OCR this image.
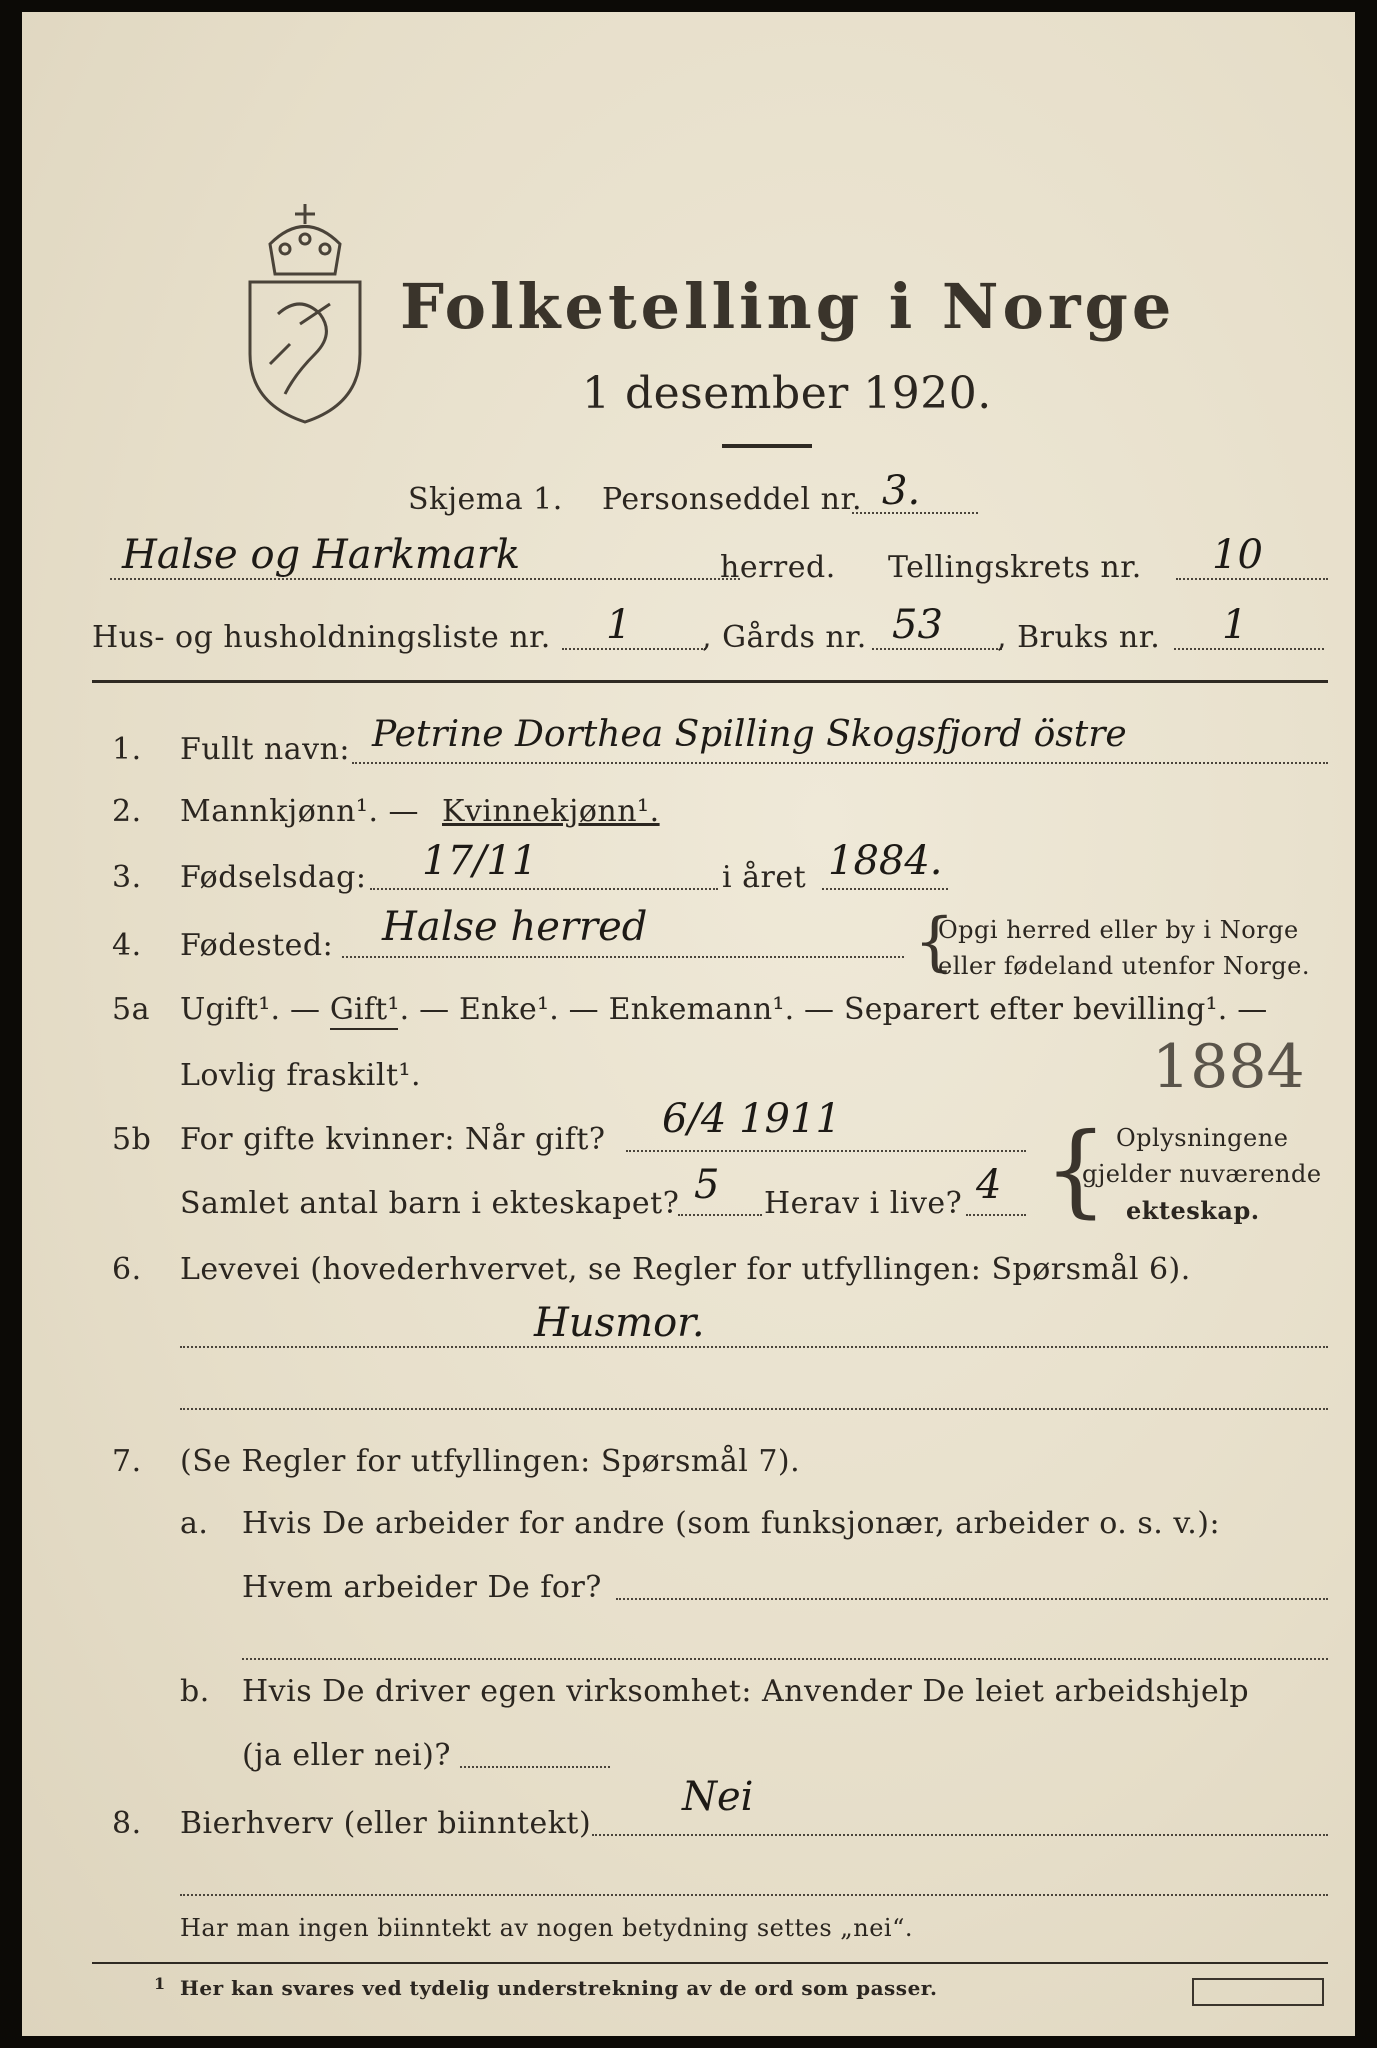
Folketelling i Norge
1 desember 1920.
Skjema 1. Personseddel nr. 3.
Halse og Harkmark	herred. Tellingskrets nr. 10
Hus- og husholdningsliste nr. 1 , Gårds nr. 53 , Bruks nr. 1
1. Fullt navn: Petrine Dorthea Spilling Skogsfjord östre
2. Mannkjønn¹. — Kvinnekjønn¹.
3. Fødselsdag: 17/11	i året 1884.
4. Fødested: Halse herred	{
Opgi herred eller by i Norge
eller fødeland utenfor Norge.
5a Ugift¹. — Gift¹. — Enke¹. — Enkemann¹. — Separert efter bevilling¹. —
Lovlig fraskilt¹.	1884
5b For gifte kvinner: Når gift? 6/4 1911
Samlet antal barn i ekteskapet? 5 Herav i live? 4 { Oplysningene
gjelder nuværende
ekteskap.
6. Levevei (hovederhvervet, se Regler for utfyllingen: Spørsmål 6).
Husmor.
7. (Se Regler for utfyllingen: Spørsmål 7).
a. Hvis De arbeider for andre (som funksjonær, arbeider o. s. v.):
Hvem arbeider De for?
b. Hvis De driver egen virksomhet: Anvender De leiet arbeidshjelp
(ja eller nei)?
8. Bierhverv (eller biinntekt)
Nei
Har man ingen biinntekt av nogen betydning settes „nei“.
1 Her kan svares ved tydelig understrekning av de ord som passer.
